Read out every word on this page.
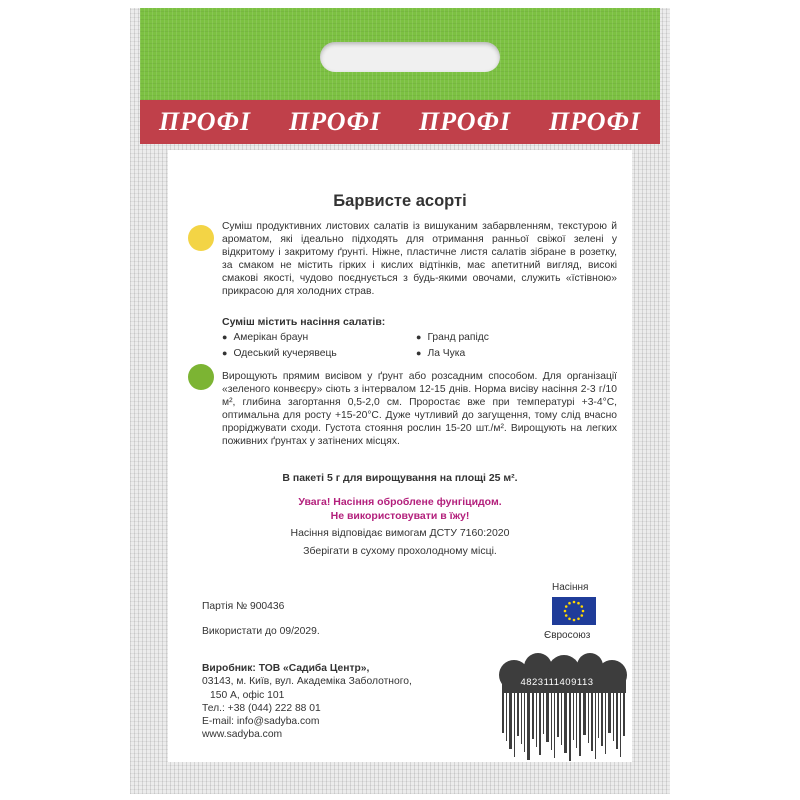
ПРОФІ ПРОФІ ПРОФІ ПРОФІ
Барвисте асорті
Суміш продуктивних листових салатів із вишуканим забарвленням, текстурою й ароматом, які ідеально підходять для отримання ранньої свіжої зелені у відкритому і закритому ґрунті. Ніжне, пластичне листя салатів зібране в розетку, за смаком не містить гірких і кислих відтінків, має апетитний вигляд, високі смакові якості, чудово поєднується з будь-якими овочами, служить «їстівною» прикрасою для холодних страв.
Суміш містить насіння салатів:
● Амерікан браун	● Гранд рапідс
● Одеський кучерявець	● Ла Чука
Вирощують прямим висівом у ґрунт або розсадним способом. Для організації «зеленого конвеєру» сіють з інтервалом 12-15 днів. Норма висіву насіння 2-3 г/10 м², глибина загортання 0,5-2,0 см. Проростає вже при температурі +3-4°С, оптимальна для росту +15-20°С. Дуже чутливий до загущення, тому слід вчасно проріджувати сходи. Густота стояння рослин 15-20 шт./м². Вирощують на легких поживних ґрунтах у затінених місцях.
В пакеті 5 г для вирощування на площі 25 м².
Увага! Насіння оброблене фунгіцидом.
Не використовувати в їжу!
Насіння відповідає вимогам ДСТУ 7160:2020
Зберігати в сухому прохолодному місці.
Насіння
Євросоюз
Партія № 900436
Використати до 09/2029.
Виробник: ТОВ «Садиба Центр»,
03143, м. Київ, вул. Академіка Заболотного,
150 А, офіс 101
Тел.: +38 (044) 222 88 01
E-mail: info@sadyba.com
www.sadyba.com
4823111409113
